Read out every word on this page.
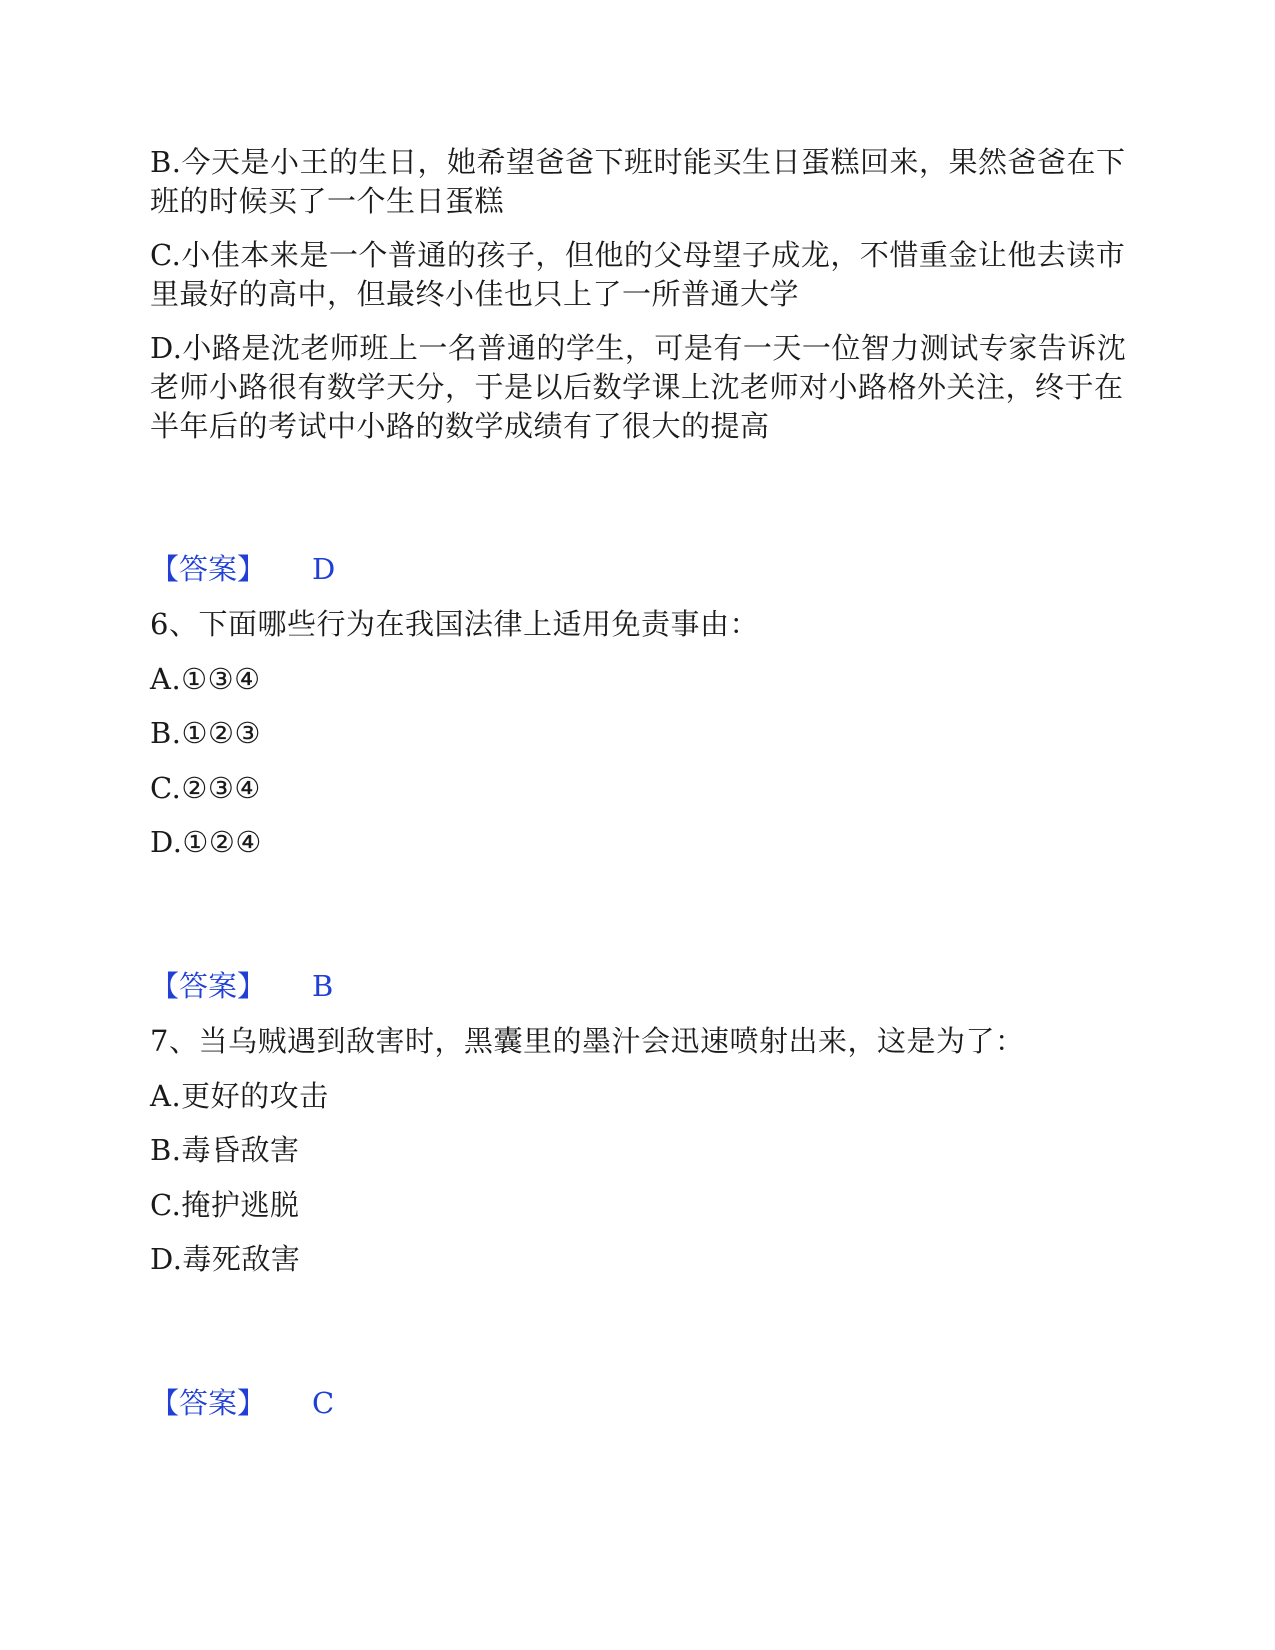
B.今天是小王的生日，她希望爸爸下班时能买生日蛋糕回来，果然爸爸在下
班的时候买了一个生日蛋糕
C.小佳本来是一个普通的孩子，但他的父母望子成龙，不惜重金让他去读市
里最好的高中，但最终小佳也只上了一所普通大学
D.小路是沈老师班上一名普通的学生，可是有一天一位智力测试专家告诉沈
老师小路很有数学天分，于是以后数学课上沈老师对小路格外关注，终于在
半年后的考试中小路的数学成绩有了很大的提高
【答案】 D
6、下面哪些行为在我国法律上适用免责事由：
A.①③④
B.①②③
C.②③④
D.①②④
【答案】 B
7、当乌贼遇到敌害时，黑囊里的墨汁会迅速喷射出来，这是为了：
A.更好的攻击
B.毒昏敌害
C.掩护逃脱
D.毒死敌害
【答案】 C
